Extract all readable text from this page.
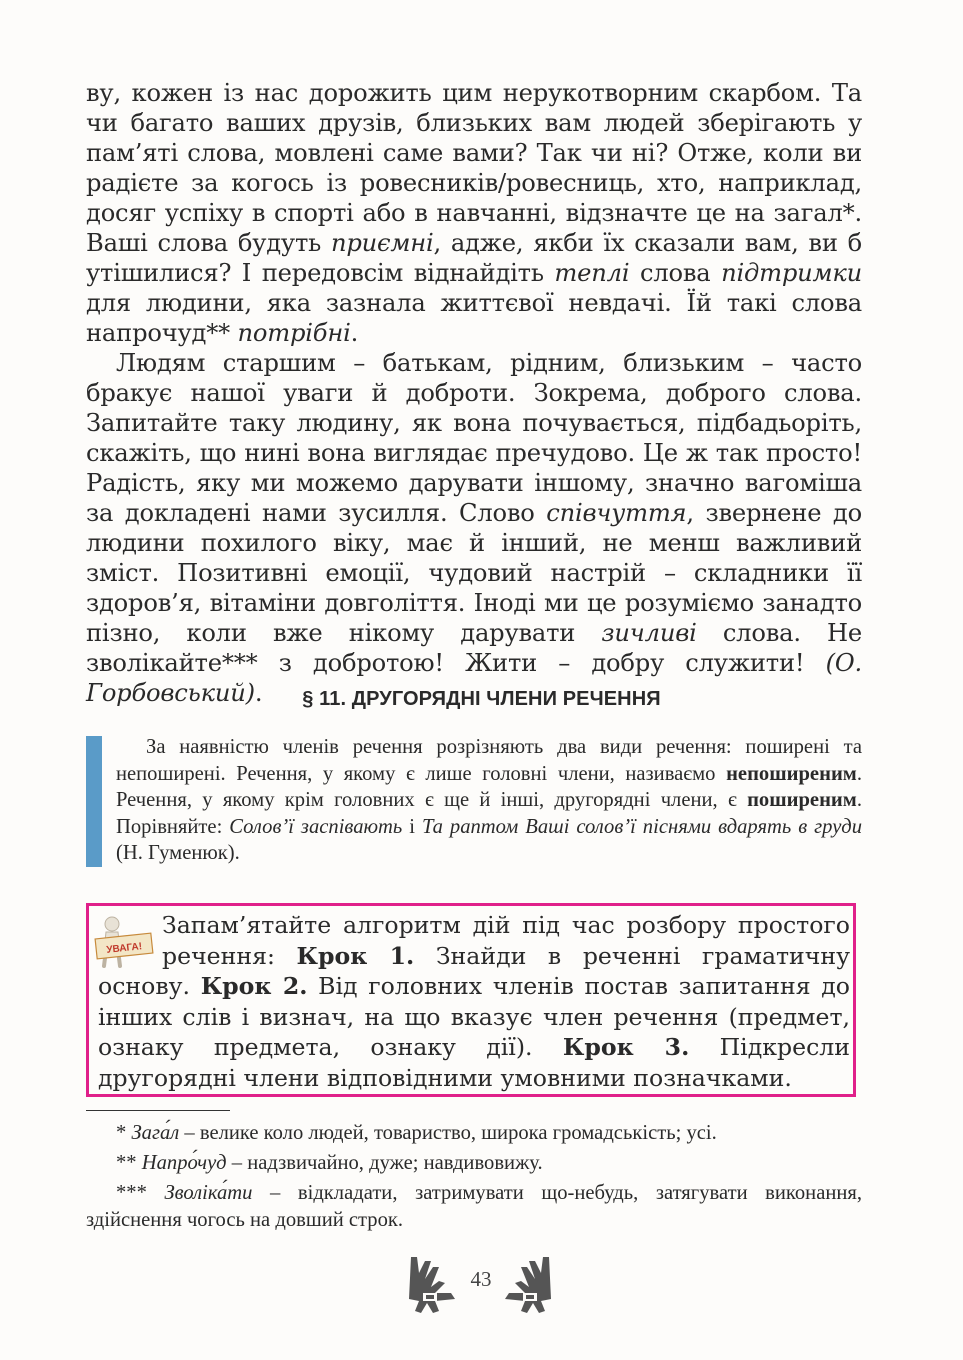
ву, кожен із нас дорожить цим нерукотворним скарбом. Та чи багато ваших друзів, близьких вам людей зберігають у пам’яті слова, мовлені саме вами? Так чи ні? Отже, коли ви радієте за когось із ровесників/ровесниць, хто, наприклад, досяг успіху в спорті або в навчанні, відзначте це на загал*. Ваші слова будуть приємні, адже, якби їх сказали вам, ви б утішилися? І передовсім віднайдіть теплі слова підтримки для людини, яка зазнала життєвої невдачі. Їй такі слова напрочуд** потрібні.

Людям старшим – батькам, рідним, близьким – часто бракує нашої уваги й доброти. Зокрема, доброго слова. Запитайте таку людину, як вона почувається, підбадьоріть, скажіть, що нині вона виглядає пречудово. Це ж так просто! Радість, яку ми можемо дарувати іншому, значно вагоміша за докладені нами зусилля. Слово співчуття, звернене до людини похилого віку, має й інший, не менш важливий зміст. Позитивні емоції, чудовий настрій – складники її здоров’я, вітаміни довголіття. Іноді ми це розуміємо занадто пізно, коли вже нікому дарувати зичливі слова. Не зволікайте*** з добротою! Жити – добру служити! (О. Горбовський).	§ 11. ДРУГОРЯДНІ ЧЛЕНИ РЕЧЕННЯ

За наявністю членів речення розрізняють два види речення: поширені та непоширені. Речення, у якому є лише головні члени, називаємо непоширеним. Речення, у якому крім головних є ще й інші, другорядні члени, є поширеним. Порівняйте: Солов’ї заспівають і Та раптом Ваші солов’ї піснями вдарять в груди (Н. Гуменюк).

УВАГА!

Запам’ятайте алгоритм дій під час розбору простого речення: Крок 1. Знайди в реченні граматичну основу. Крок 2. Від головних членів постав запитання до інших слів і визнач, на що вказує член речення (предмет, ознаку предмета, ознаку дії). Крок 3. Підкресли другорядні члени відповідними умовними позначками.

* Зага́л – велике коло людей, товариство, широка громадськість; усі.

** Напро́чуд – надзвичайно, дуже; навдивовижу.

*** Зволіка́ти – відкладати, затримувати що-небудь, затягувати виконання, здійснення чогось на довший строк.

43
